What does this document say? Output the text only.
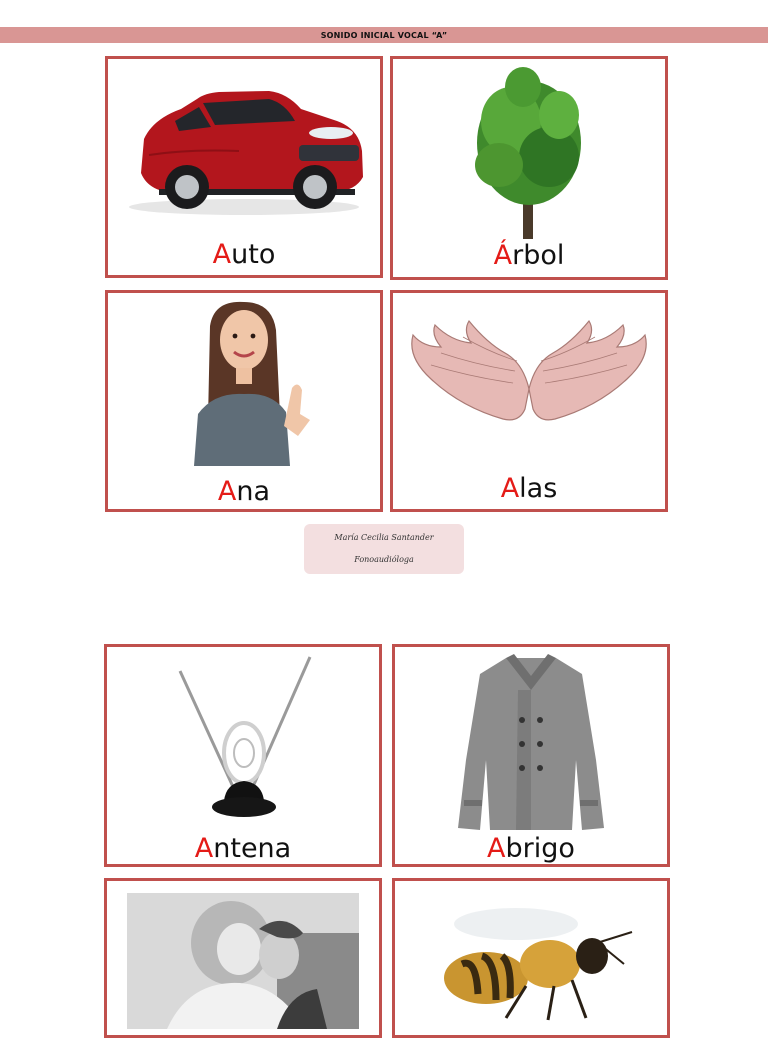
SONIDO INICIAL VOCAL “A”
Auto	Árbol
Ana	Alas
María Cecilia Santander
Fonoaudióloga
Antena	Abrigo
